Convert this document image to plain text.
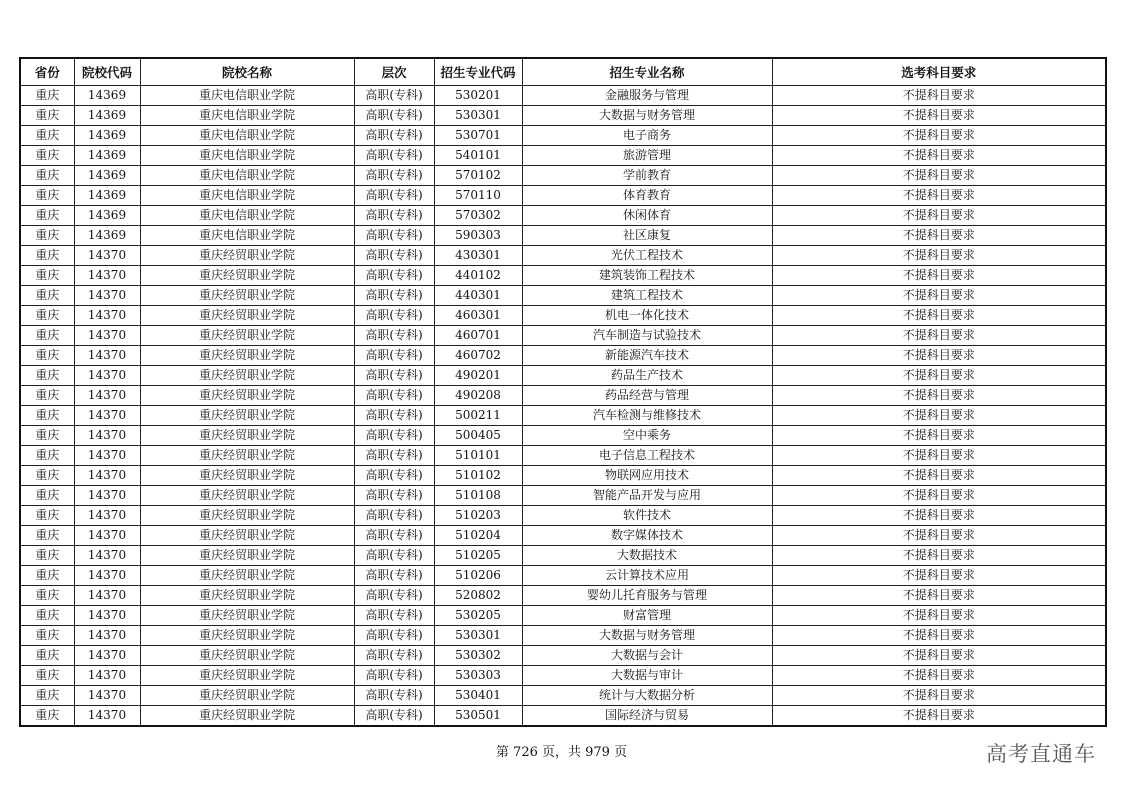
省份	院校代码	院校名称	层次	招生专业代码	招生专业名称	选考科目要求
重庆	14369	重庆电信职业学院	高职(专科)	530201	金融服务与管理	不提科目要求
重庆	14369	重庆电信职业学院	高职(专科)	530301	大数据与财务管理	不提科目要求
重庆	14369	重庆电信职业学院	高职(专科)	530701	电子商务	不提科目要求
重庆	14369	重庆电信职业学院	高职(专科)	540101	旅游管理	不提科目要求
重庆	14369	重庆电信职业学院	高职(专科)	570102	学前教育	不提科目要求
重庆	14369	重庆电信职业学院	高职(专科)	570110	体育教育	不提科目要求
重庆	14369	重庆电信职业学院	高职(专科)	570302	休闲体育	不提科目要求
重庆	14369	重庆电信职业学院	高职(专科)	590303	社区康复	不提科目要求
重庆	14370	重庆经贸职业学院	高职(专科)	430301	光伏工程技术	不提科目要求
重庆	14370	重庆经贸职业学院	高职(专科)	440102	建筑装饰工程技术	不提科目要求
重庆	14370	重庆经贸职业学院	高职(专科)	440301	建筑工程技术	不提科目要求
重庆	14370	重庆经贸职业学院	高职(专科)	460301	机电一体化技术	不提科目要求
重庆	14370	重庆经贸职业学院	高职(专科)	460701	汽车制造与试验技术	不提科目要求
重庆	14370	重庆经贸职业学院	高职(专科)	460702	新能源汽车技术	不提科目要求
重庆	14370	重庆经贸职业学院	高职(专科)	490201	药品生产技术	不提科目要求
重庆	14370	重庆经贸职业学院	高职(专科)	490208	药品经营与管理	不提科目要求
重庆	14370	重庆经贸职业学院	高职(专科)	500211	汽车检测与维修技术	不提科目要求
重庆	14370	重庆经贸职业学院	高职(专科)	500405	空中乘务	不提科目要求
重庆	14370	重庆经贸职业学院	高职(专科)	510101	电子信息工程技术	不提科目要求
重庆	14370	重庆经贸职业学院	高职(专科)	510102	物联网应用技术	不提科目要求
重庆	14370	重庆经贸职业学院	高职(专科)	510108	智能产品开发与应用	不提科目要求
重庆	14370	重庆经贸职业学院	高职(专科)	510203	软件技术	不提科目要求
重庆	14370	重庆经贸职业学院	高职(专科)	510204	数字媒体技术	不提科目要求
重庆	14370	重庆经贸职业学院	高职(专科)	510205	大数据技术	不提科目要求
重庆	14370	重庆经贸职业学院	高职(专科)	510206	云计算技术应用	不提科目要求
重庆	14370	重庆经贸职业学院	高职(专科)	520802	婴幼儿托育服务与管理	不提科目要求
重庆	14370	重庆经贸职业学院	高职(专科)	530205	财富管理	不提科目要求
重庆	14370	重庆经贸职业学院	高职(专科)	530301	大数据与财务管理	不提科目要求
重庆	14370	重庆经贸职业学院	高职(专科)	530302	大数据与会计	不提科目要求
重庆	14370	重庆经贸职业学院	高职(专科)	530303	大数据与审计	不提科目要求
重庆	14370	重庆经贸职业学院	高职(专科)	530401	统计与大数据分析	不提科目要求
重庆	14370	重庆经贸职业学院	高职(专科)	530501	国际经济与贸易	不提科目要求
第 726 页，共 979 页	高考直通车
